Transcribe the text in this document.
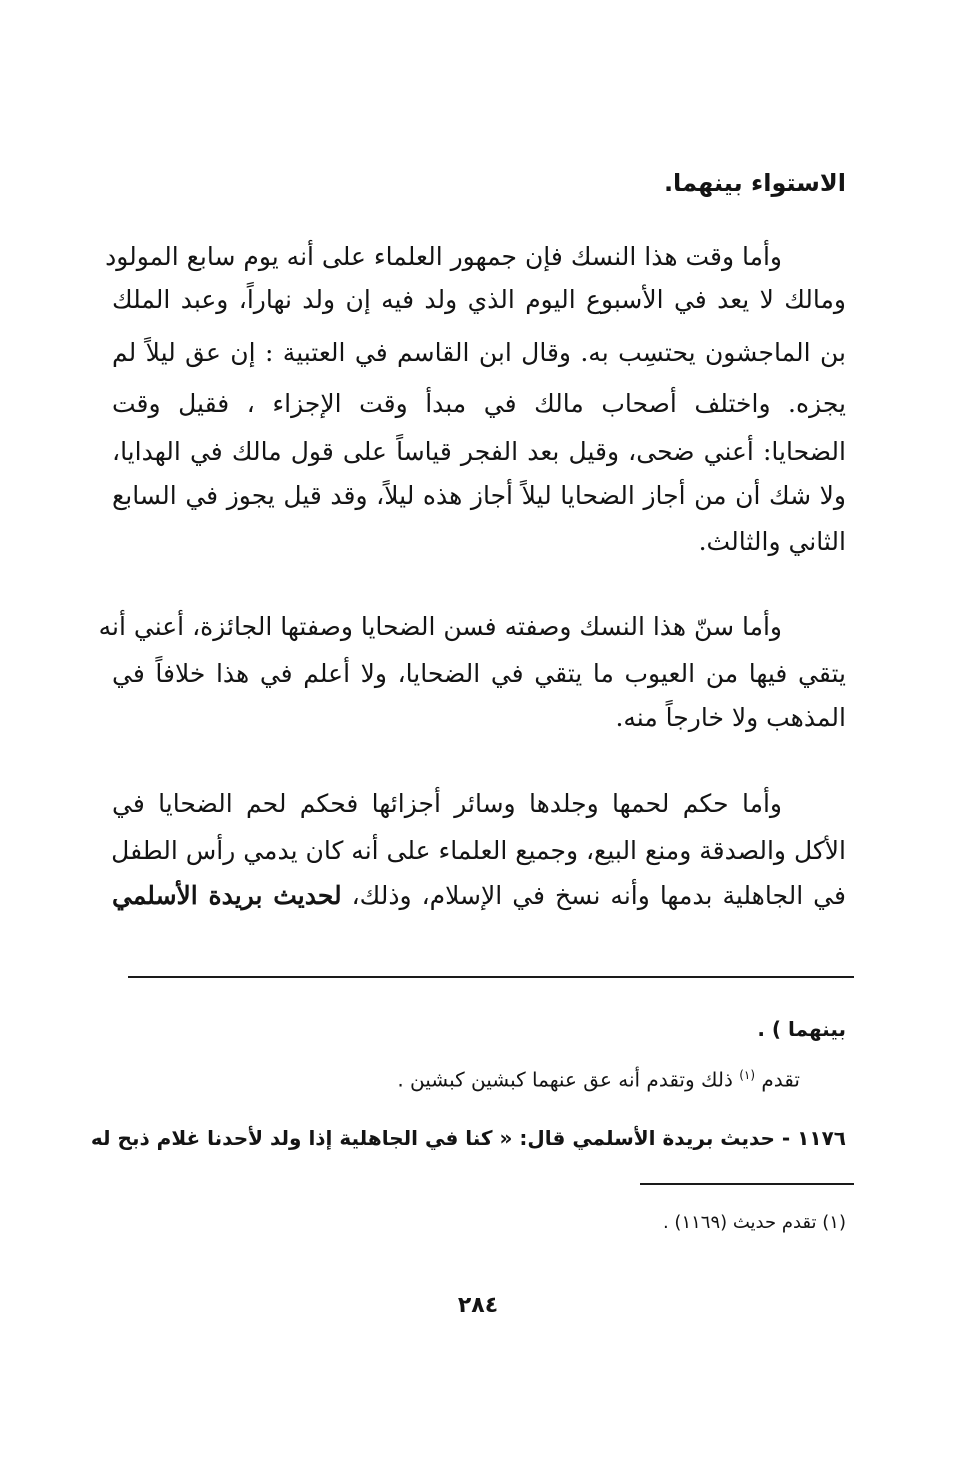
الاستواء بينهما.
وأما وقت هذا النسك فإن جمهور العلماء على أنه يوم سابع المولود
ومالك لا يعد في الأسبوع اليوم الذي ولد فيه إن ولد نهاراً، وعبد الملك
بن الماجشون يحتسِب به. وقال ابن القاسم في العتبية : إن عق ليلاً لم
يجزه. واختلف أصحاب مالك في مبدأ وقت الإجزاء ، فقيل وقت
الضحايا: أعني ضحى، وقيل بعد الفجر قياساً على قول مالك في الهدايا،
ولا شك أن من أجاز الضحايا ليلاً أجاز هذه ليلاً، وقد قيل يجوز في السابع
الثاني والثالث.
وأما سنّ هذا النسك وصفته فسن الضحايا وصفتها الجائزة، أعني أنه
يتقي فيها من العيوب ما يتقي في الضحايا، ولا أعلم في هذا خلافاً في
المذهب ولا خارجاً منه.
وأما حكم لحمها وجلدها وسائر أجزائها فحكم لحم الضحايا في
الأكل والصدقة ومنع البيع، وجميع العلماء على أنه كان يدمي رأس الطفل
في الجاهلية بدمها وأنه نسخ في الإسلام، وذلك، لحديث بريدة الأسلمي
بينهما ) .
تقدم $^{(١)}$ ذلك وتقدم أنه عق عنهما كبشين كبشين .
١١٧٦ - حديث بريدة الأسلمي قال: « كنا في الجاهلية إذا ولد لأحدنا غلام ذبح له
(١) تقدم حديث (١١٦٩) .
٢٨٤
